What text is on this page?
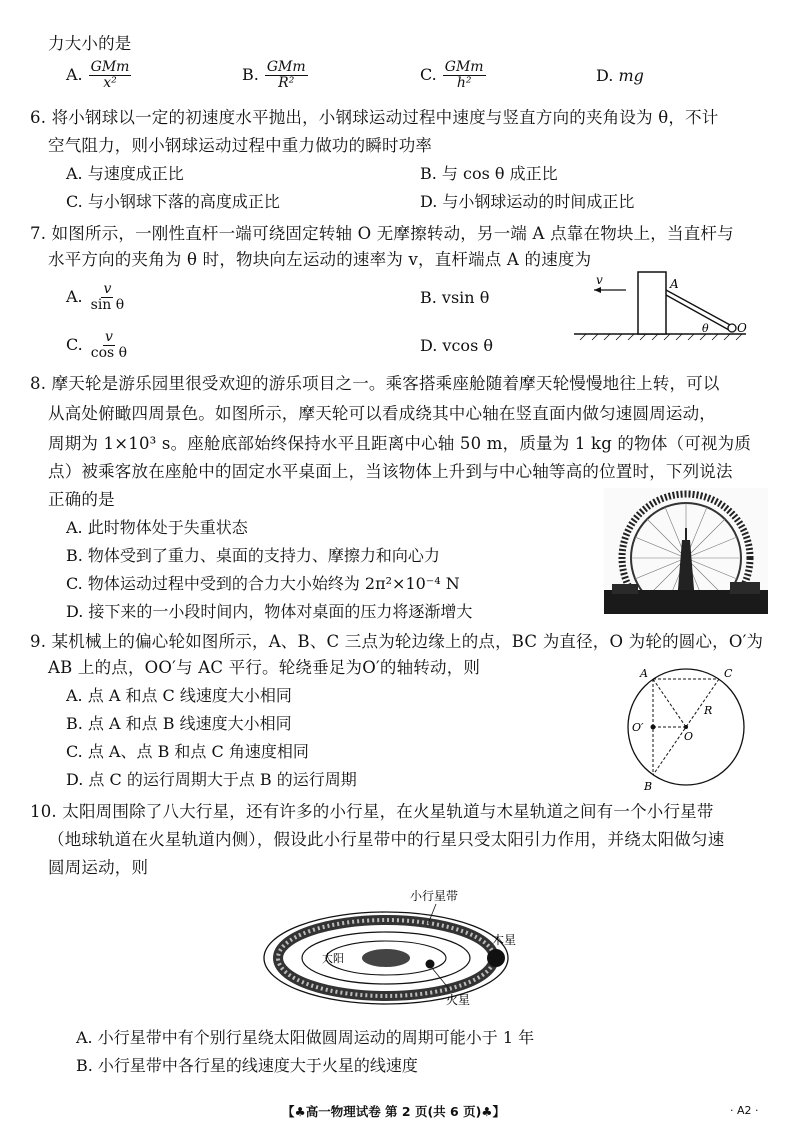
力大小的是
A. $\frac{\text{GMm}}{\text{x²}}$	B. $\frac{\text{GMm}}{\text{R²}}$	C. $\frac{\text{GMm}}{\text{h²}}$	D. mg
6. 将小钢球以一定的初速度水平抛出，小钢球运动过程中速度与竖直方向的夹角设为 θ，不计
空气阻力，则小钢球运动过程中重力做功的瞬时功率
A. 与速度成正比	B. 与 cos θ 成正比
C. 与小钢球下落的高度成正比	D. 与小钢球运动的时间成正比
7. 如图所示，一刚性直杆一端可绕固定转轴 O 无摩擦转动，另一端 A 点靠在物块上，当直杆与
水平方向的夹角为 θ 时，物块向左运动的速率为 v，直杆端点 A 的速度为
A. $\frac{v}{\text{sin θ}}$	B. vsin θ
C. $\frac{v}{\text{cos θ}}$	D. vcos θ
v	A
θ O
8. 摩天轮是游乐园里很受欢迎的游乐项目之一。乘客搭乘座舱随着摩天轮慢慢地往上转，可以
从高处俯瞰四周景色。如图所示，摩天轮可以看成绕其中心轴在竖直面内做匀速圆周运动，
周期为 1×10³ s。座舱底部始终保持水平且距离中心轴 50 m，质量为 1 kg 的物体（可视为质
点）被乘客放在座舱中的固定水平桌面上，当该物体上升到与中心轴等高的位置时，下列说法
正确的是
A. 此时物体处于失重状态
B. 物体受到了重力、桌面的支持力、摩擦力和向心力
C. 物体运动过程中受到的合力大小始终为 2π²×10⁻⁴ N
D. 接下来的一小段时间内，物体对桌面的压力将逐渐增大
9. 某机械上的偏心轮如图所示，A、B、C 三点为轮边缘上的点，BC 为直径，O 为轮的圆心，O′为
AB 上的点，OO′与 AC 平行。轮绕垂足为O′的轴转动，则
A. 点 A 和点 C 线速度大小相同
B. 点 A 和点 B 线速度大小相同
C. 点 A、点 B 和点 C 角速度相同
D. 点 C 的运行周期大于点 B 的运行周期
A	C
B
O
O′
R
10. 太阳周围除了八大行星，还有许多的小行星，在火星轨道与木星轨道之间有一个小行星带
（地球轨道在火星轨道内侧），假设此小行星带中的行星只受太阳引力作用，并绕太阳做匀速
圆周运动，则
小行星带
木星
太阳
火星
A. 小行星带中有个别行星绕太阳做圆周运动的周期可能小于 1 年
B. 小行星带中各行星的线速度大于火星的线速度
【♣高一物理试卷 第 2 页(共 6 页)♣】	· A2 ·
